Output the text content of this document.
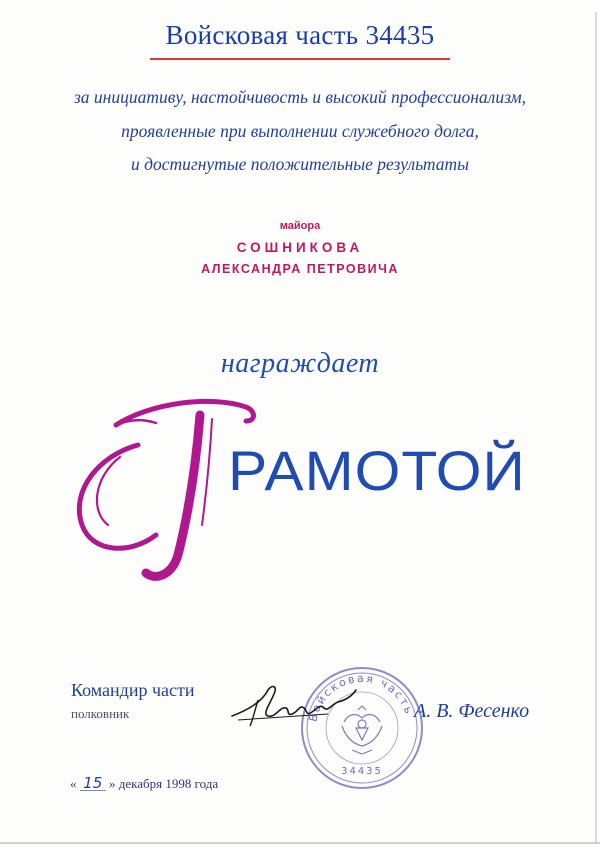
Войсковая часть 34435
за инициативу, настойчивость и высокий профессионализм,
проявленные при выполнении служебного долга,
и достигнутые положительные результаты
майора
СОШНИКОВА
АЛЕКСАНДРА ПЕТРОВИЧА
награждает
РАМОТОЙ
Командир части
полковник	Войсковая часть
34435
А. В. Фесенко
« 15 » декабря 1998 года
